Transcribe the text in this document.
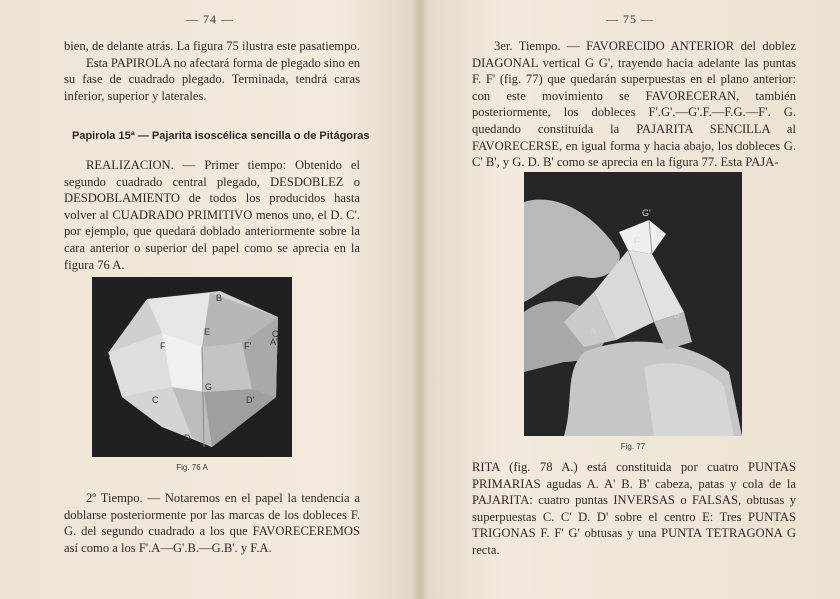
— 74 —

bien, de delante atrás. La figura 75 ilustra este pasatiempo.

Esta PAPIROLA no afectará forma de plegado sino en su fase de cuadrado plegado. Terminada, tendrá caras inferior, superior y laterales.

Papirola 15ª — Pajarita isoscélica sencilla o de Pitágoras

REALIZACION. — Primer tiempo: Obtenido el segundo cuadrado central plegado, DESDOBLEZ o DESDOBLAMIENTO de todos los producidos hasta volver al CUADRADO PRIMITIVO menos uno, el D. C'. por ejemplo, que quedará doblado anteriormente sobre la cara anterior o superior del papel como se aprecia en la figura 76 A.

A
A'
B
F	F'
E
G
C
C'
D
D'
Fig. 76 A

2º Tiempo. — Notaremos en el papel la tendencia a doblarse posteriormente por las marcas de los dobleces F. G. del segundo cuadrado a los que FAVORECEREMOS así como a los F'.A—G'.B.—G.B'. y F.A.

— 75 —

3er. Tiempo. — FAVORECIDO ANTERIOR del doblez DIAGONAL vertical G G', trayendo hacia adelante las puntas F. F' (fig. 77) que quedarán superpuestas en el plano anterior: con este movimiento se FAVORECERAN, también posteriormente, los dobleces F'.G'.—G'.F.—F.G.—F'. G. quedando constituída la PAJARITA SENCILLA al FAVORECERSE, en igual forma y hacia abajo, los dobleces G. C' B', y G. D. B' como se aprecia en la figura 77. Esta PAJA-

F
F'
G'
A
B
Fig. 77

RITA (fig. 78 A.) está constituida por cuatro PUNTAS PRIMARIAS agudas A. A' B. B' cabeza, patas y cola de la PAJARITA: cuatro puntas INVERSAS o FALSAS, obtusas y superpuestas C. C' D. D' sobre el centro E: Tres PUNTAS TRIGONAS F. F' G' obtusas y una PUNTA TETRAGONA G recta.
